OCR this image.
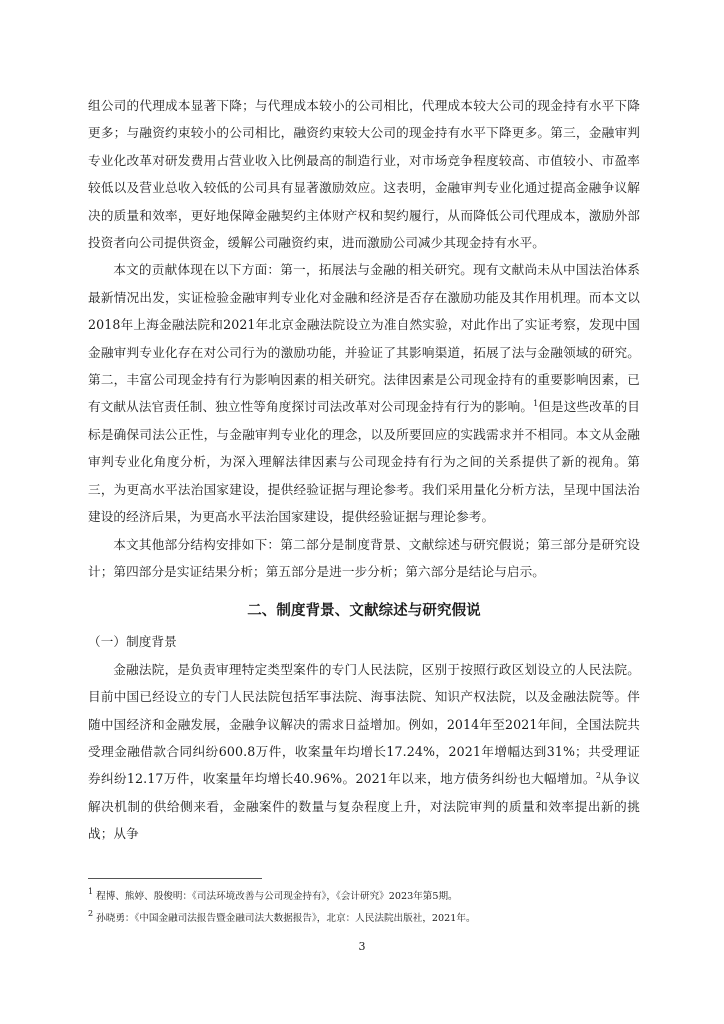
组公司的代理成本显著下降；与代理成本较小的公司相比，代理成本较大公司的现金持有水平下降更多；与融资约束较小的公司相比，融资约束较大公司的现金持有水平下降更多。第三，金融审判专业化改革对研发费用占营业收入比例最高的制造行业，对市场竞争程度较高、市值较小、市盈率较低以及营业总收入较低的公司具有显著激励效应。这表明，金融审判专业化通过提高金融争议解决的质量和效率，更好地保障金融契约主体财产权和契约履行，从而降低公司代理成本，激励外部投资者向公司提供资金，缓解公司融资约束，进而激励公司减少其现金持有水平。

本文的贡献体现在以下方面：第一，拓展法与金融的相关研究。现有文献尚未从中国法治体系最新情况出发，实证检验金融审判专业化对金融和经济是否存在激励功能及其作用机理。而本文以2018年上海金融法院和2021年北京金融法院设立为准自然实验，对此作出了实证考察，发现中国金融审判专业化存在对公司行为的激励功能，并验证了其影响渠道，拓展了法与金融领域的研究。第二，丰富公司现金持有行为影响因素的相关研究。法律因素是公司现金持有的重要影响因素，已有文献从法官责任制、独立性等角度探讨司法改革对公司现金持有行为的影响。$^1$但是这些改革的目标是确保司法公正性，与金融审判专业化的理念，以及所要回应的实践需求并不相同。本文从金融审判专业化角度分析，为深入理解法律因素与公司现金持有行为之间的关系提供了新的视角。第三，为更高水平法治国家建设，提供经验证据与理论参考。我们采用量化分析方法，呈现中国法治建设的经济后果，为更高水平法治国家建设，提供经验证据与理论参考。

本文其他部分结构安排如下：第二部分是制度背景、文献综述与研究假说；第三部分是研究设计；第四部分是实证结果分析；第五部分是进一步分析；第六部分是结论与启示。

二、制度背景、文献综述与研究假说

（一）制度背景

金融法院，是负责审理特定类型案件的专门人民法院，区别于按照行政区划设立的人民法院。目前中国已经设立的专门人民法院包括军事法院、海事法院、知识产权法院，以及金融法院等。伴随中国经济和金融发展，金融争议解决的需求日益增加。例如，2014年至2021年间，全国法院共受理金融借款合同纠纷600.8万件，收案量年均增长17.24%，2021年增幅达到31%；共受理证券纠纷12.17万件，收案量年均增长40.96%。2021年以来，地方债务纠纷也大幅增加。$^2$从争议解决机制的供给侧来看，金融案件的数量与复杂程度上升，对法院审判的质量和效率提出新的挑战；从争

$^1$ 程博、熊婷、殷俊明：《司法环境改善与公司现金持有》，《会计研究》2023年第5期。

$^2$ 孙晓勇：《中国金融司法报告暨金融司法大数据报告》，北京：人民法院出版社，2021年。

3
